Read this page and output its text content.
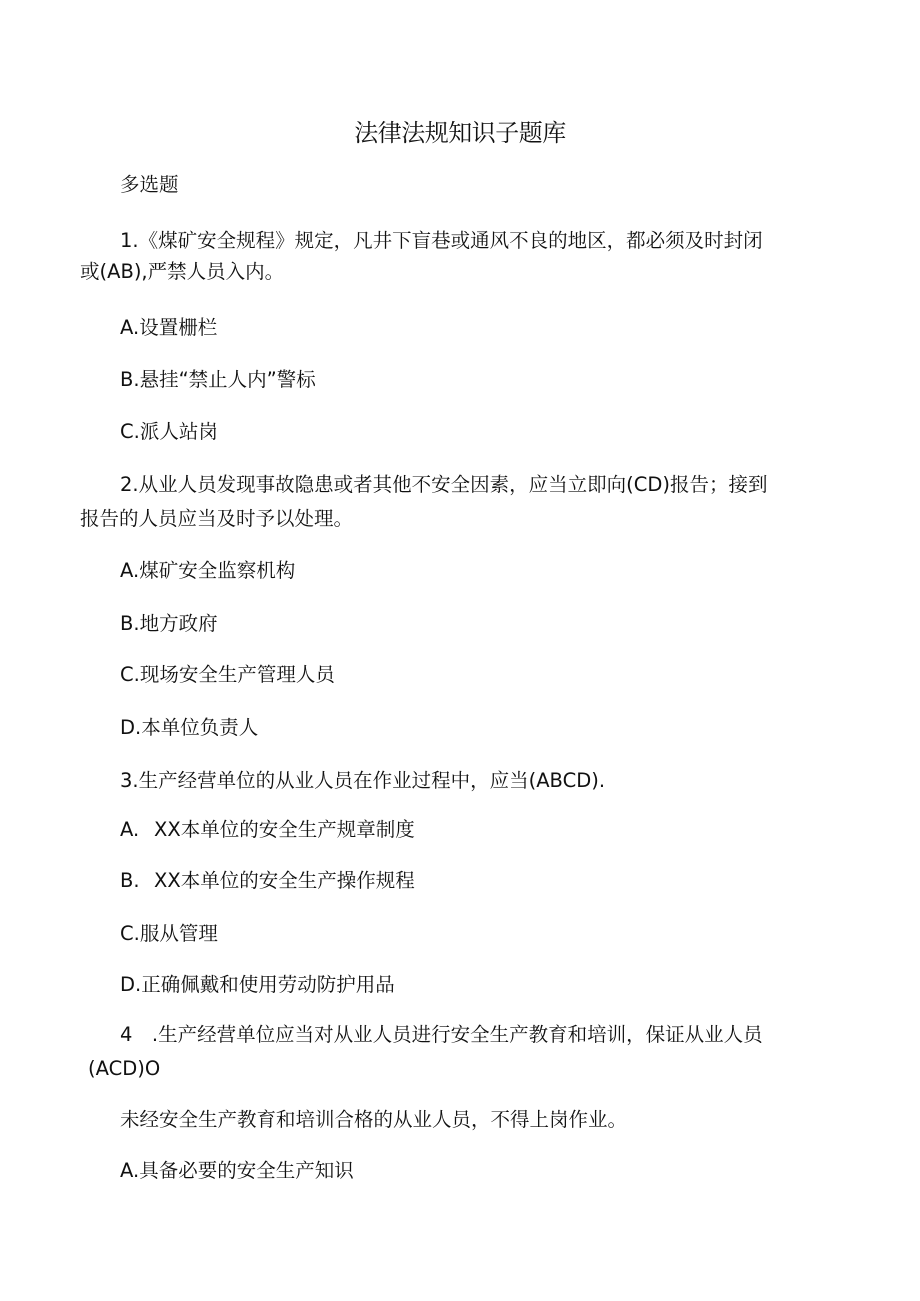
法律法规知识子题库

多选题

1.《煤矿安全规程》规定，凡井下盲巷或通风不良的地区，都必须及时封闭

或(AB),严禁人员入内。

A.设置栅栏

B.悬挂“禁止人内”警标

C.派人站岗

2.从业人员发现事故隐患或者其他不安全因素，应当立即向(CD)报告；接到

报告的人员应当及时予以处理。

A.煤矿安全监察机构

B.地方政府

C.现场安全生产管理人员

D.本单位负责人

3.生产经营单位的从业人员在作业过程中，应当(ABCD).

A. XX本单位的安全生产规章制度

B. XX本单位的安全生产操作规程

C.服从管理

D.正确佩戴和使用劳动防护用品

4　.生产经营单位应当对从业人员进行安全生产教育和培训，保证从业人员

(ACD)O

未经安全生产教育和培训合格的从业人员，不得上岗作业。

A.具备必要的安全生产知识
